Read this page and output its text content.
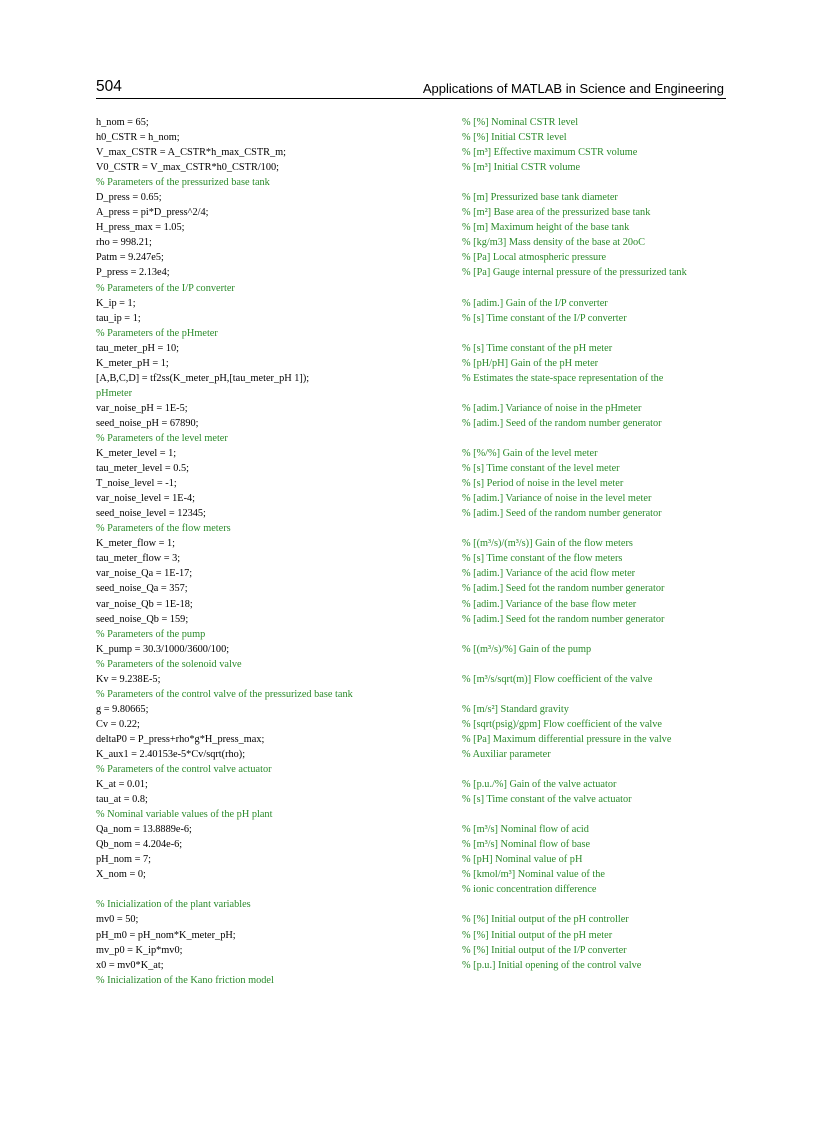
504	Applications of MATLAB in Science and Engineering
h_nom = 65;	% [%] Nominal CSTR level
h0_CSTR = h_nom;	% [%] Initial CSTR level
V_max_CSTR = A_CSTR*h_max_CSTR_m;	% [m³] Effective maximum CSTR volume
V0_CSTR = V_max_CSTR*h0_CSTR/100;	% [m³] Initial CSTR volume
% Parameters of the pressurized base tank
D_press = 0.65;	% [m] Pressurized base tank diameter
A_press = pi*D_press^2/4;	% [m²] Base area of the pressurized base tank
H_press_max = 1.05;	% [m] Maximum height of the base tank
rho = 998.21;	% [kg/m3] Mass density of the base at 20oC
Patm = 9.247e5;	% [Pa] Local atmospheric pressure
P_press = 2.13e4;	% [Pa] Gauge internal pressure of the pressurized tank
% Parameters of the I/P converter
K_ip = 1;	% [adim.] Gain of the I/P converter
tau_ip = 1;	% [s] Time constant of the I/P converter
% Parameters of the pHmeter
tau_meter_pH = 10;	% [s] Time constant of the pH meter
K_meter_pH = 1;	% [pH/pH] Gain of the pH meter
[A,B,C,D] = tf2ss(K_meter_pH,[tau_meter_pH 1]);	% Estimates the state-space representation of the
pHmeter
var_noise_pH = 1E-5;	% [adim.] Variance of noise in the pHmeter
seed_noise_pH = 67890;	% [adim.] Seed of the random number generator
% Parameters of the level meter
K_meter_level = 1;	% [%/%] Gain of the level meter
tau_meter_level = 0.5;	% [s] Time constant of the level meter
T_noise_level = -1;	% [s] Period of noise in the level meter
var_noise_level = 1E-4;	% [adim.] Variance of noise in the level meter
seed_noise_level = 12345;	% [adim.] Seed of the random number generator
% Parameters of the flow meters
K_meter_flow = 1;	% [(m³/s)/(m³/s)] Gain of the flow meters
tau_meter_flow = 3;	% [s] Time constant of the flow meters
var_noise_Qa = 1E-17;	% [adim.] Variance of the acid flow meter
seed_noise_Qa = 357;	% [adim.] Seed fot the random number generator
var_noise_Qb = 1E-18;	% [adim.] Variance of the base flow meter
seed_noise_Qb = 159;	% [adim.] Seed fot the random number generator
% Parameters of the pump
K_pump = 30.3/1000/3600/100;	% [(m³/s)/%] Gain of the pump
% Parameters of the solenoid valve
Kv = 9.238E-5;	% [m³/s/sqrt(m)] Flow coefficient of the valve
% Parameters of the control valve of the pressurized base tank
g = 9.80665;	% [m/s²] Standard gravity
Cv = 0.22;	% [sqrt(psig)/gpm] Flow coefficient of the valve
deltaP0 = P_press+rho*g*H_press_max;	% [Pa] Maximum differential pressure in the valve
K_aux1 = 2.40153e-5*Cv/sqrt(rho);	% Auxiliar parameter
% Parameters of the control valve actuator
K_at = 0.01;	% [p.u./%] Gain of the valve actuator
tau_at = 0.8;	% [s] Time constant of the valve actuator
% Nominal variable values of the pH plant
Qa_nom = 13.8889e-6;	% [m³/s] Nominal flow of acid
Qb_nom = 4.204e-6;	% [m³/s] Nominal flow of base
pH_nom = 7;	% [pH] Nominal value of pH
X_nom = 0;	% [kmol/m³] Nominal value of the
% ionic concentration difference
% Inicialization of the plant variables
mv0 = 50;	% [%] Initial output of the pH controller
pH_m0 = pH_nom*K_meter_pH;	% [%] Initial output of the pH meter
mv_p0 = K_ip*mv0;	% [%] Initial output of the I/P converter
x0 = mv0*K_at;	% [p.u.] Initial opening of the control valve
% Inicialization of the Kano friction model
